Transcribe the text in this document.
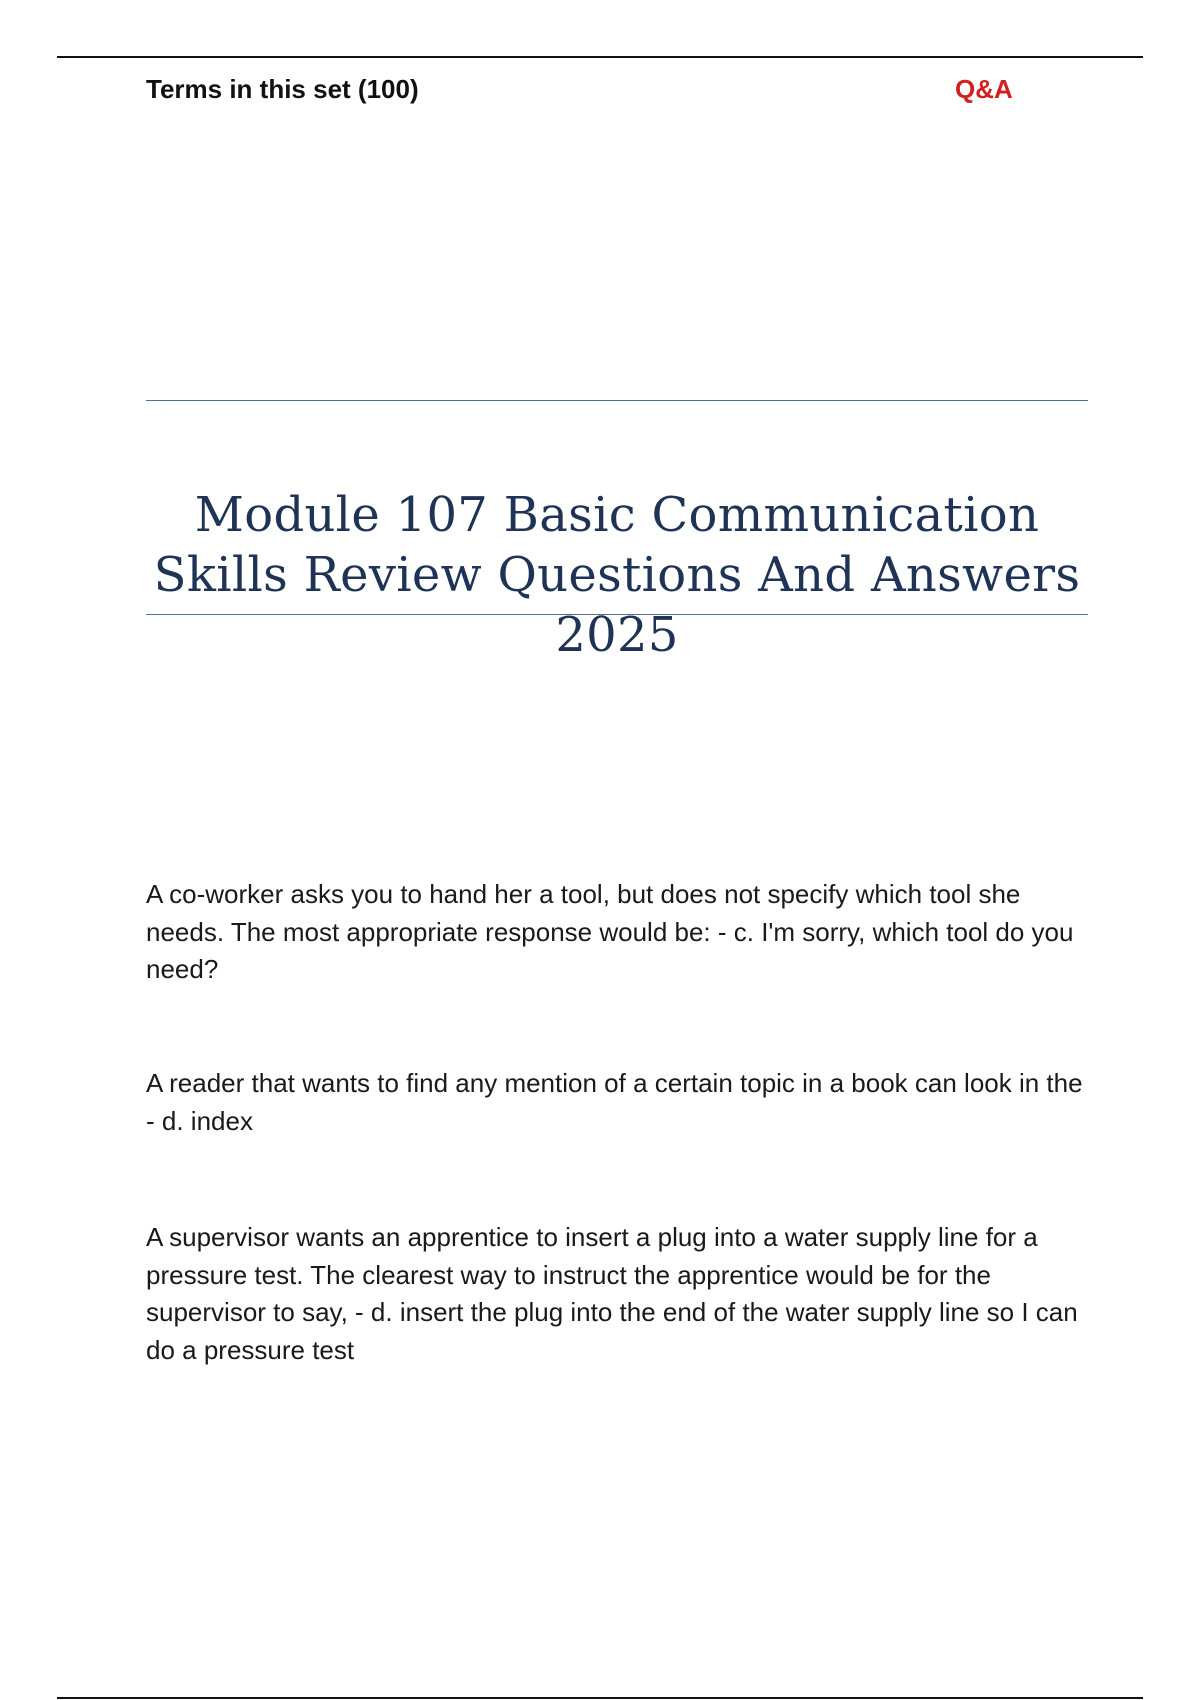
Terms in this set (100)	Q&A
Module 107 Basic Communication Skills Review Questions And Answers 2025

A co-worker asks you to hand her a tool, but does not specify which tool she needs. The most appropriate response would be: - c. I'm sorry, which tool do you need?

A reader that wants to find any mention of a certain topic in a book can look in the - d. index

A supervisor wants an apprentice to insert a plug into a water supply line for a pressure test. The clearest way to instruct the apprentice would be for the supervisor to say, - d. insert the plug into the end of the water supply line so I can do a pressure test
